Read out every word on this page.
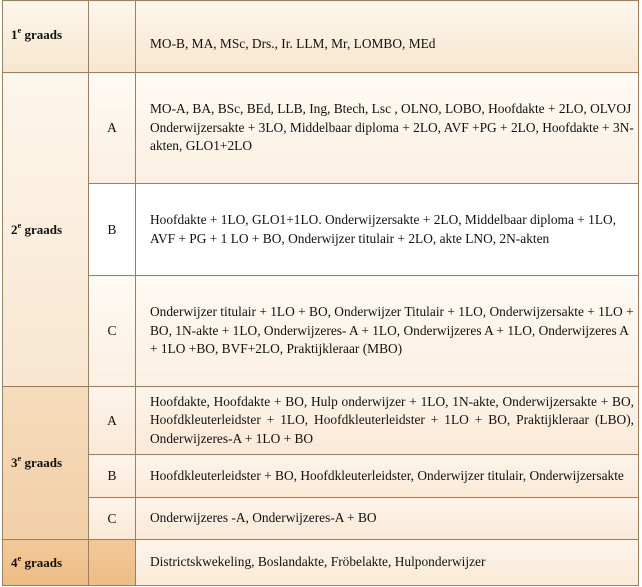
1e graads		MO-B, MA, MSc, Drs., Ir. LLM, Mr, LOMBO, MEd
2e graads	A	MO-A, BA, BSc, BEd, LLB, Ing, Btech, Lsc , OLNO, LOBO, Hoofdakte + 2LO, OLVOJ
Onderwijzersakte + 3LO, Middelbaar diploma + 2LO, AVF +PG + 2LO, Hoofdakte + 3N-akten, GLO1+2LO

	B	Hoofdakte + 1LO, GLO1+1LO. Onderwijzersakte + 2LO, Middelbaar diploma + 1LO, AVF + PG + 1 LO + BO, Onderwijzer titulair + 2LO, akte LNO, 2N-akten
	C	Onderwijzer titulair + 1LO + BO, Onderwijzer Titulair + 1LO, Onderwijzersakte + 1LO + BO, 1N-akte + 1LO, Onderwijzeres- A + 1LO, Onderwijzeres A + 1LO, Onderwijzeres A + 1LO +BO, BVF+2LO, Praktijkleraar (MBO)
3e graads	A	Hoofdakte, Hoofdakte + BO, Hulp onderwijzer + 1LO, 1N-akte, Onderwijzersakte + BO, Hoofdkleuterleidster + 1LO, Hoofdkleuterleidster + 1LO + BO, Praktijkleraar (LBO), Onderwijzeres-A + 1LO + BO
	B	Hoofdkleuterleidster + BO, Hoofdkleuterleidster, Onderwijzer titulair, Onderwijzersakte
	C	Onderwijzeres -A, Onderwijzeres-A + BO
4e graads		Districtskwekeling, Boslandakte, Fröbelakte, Hulponderwijzer
